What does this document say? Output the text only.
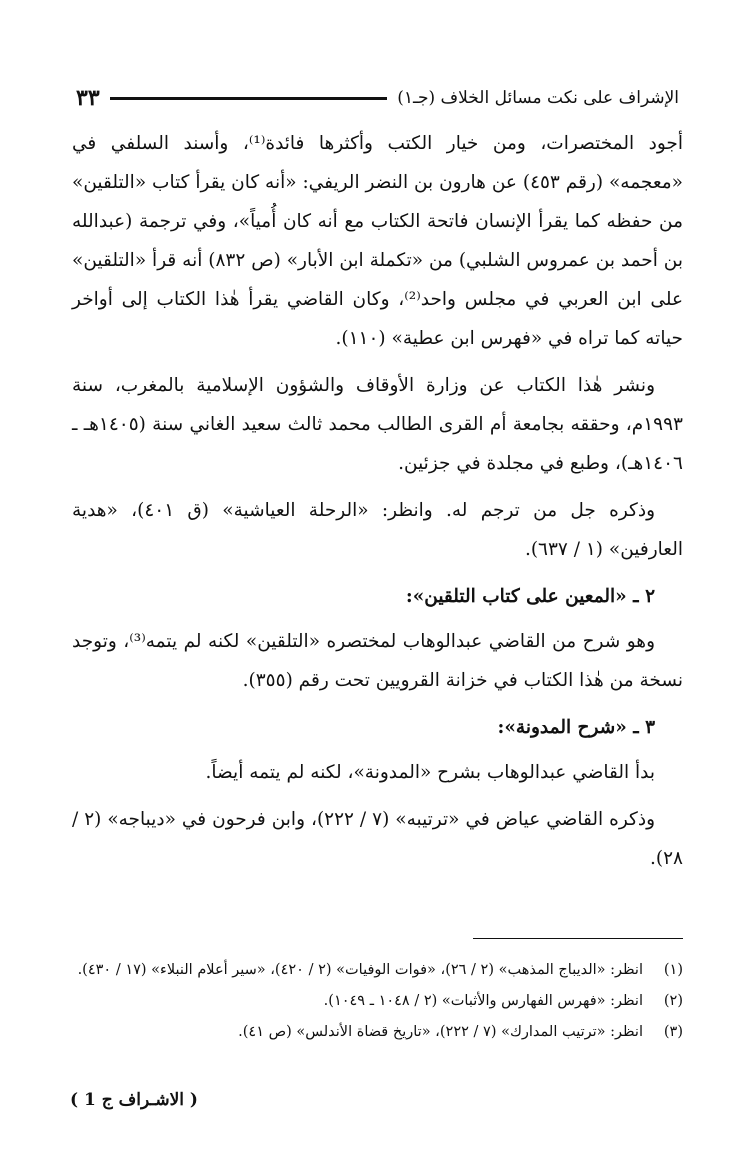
الإشراف على نكت مسائل الخلاف (جـ١)
٣٣

أجود المختصرات، ومن خيار الكتب وأكثرها فائدة⁽¹⁾، وأسند السلفي في «معجمه» (رقم ٤٥٣) عن هارون بن النضر الريفي: «أنه كان يقرأ كتاب «التلقين» من حفظه كما يقرأ الإنسان فاتحة الكتاب مع أنه كان أُمياً»، وفي ترجمة (عبدالله بن أحمد بن عمروس الشلبي) من «تكملة ابن الأبار» (ص ٨٣٢) أنه قرأ «التلقين» على ابن العربي في مجلس واحد⁽²⁾، وكان القاضي يقرأ هٰذا الكتاب إلى أواخر حياته كما تراه في «فهرس ابن عطية» (١١٠).

ونشر هٰذا الكتاب عن وزارة الأوقاف والشؤون الإسلامية بالمغرب، سنة ١٩٩٣م، وحققه بجامعة أم القرى الطالب محمد ثالث سعيد الغاني سنة (١٤٠٥هـ ـ ١٤٠٦هـ)، وطبع في مجلدة في جزئين.

وذكره جل من ترجم له. وانظر: «الرحلة العياشية» (ق ٤٠١)، «هدية العارفين» (١ / ٦٣٧).

٢ ـ «المعين على كتاب التلقين»:

وهو شرح من القاضي عبدالوهاب لمختصره «التلقين» لكنه لم يتمه⁽³⁾، وتوجد نسخة من هٰذا الكتاب في خزانة القرويين تحت رقم (٣٥٥).

٣ ـ «شرح المدونة»:

بدأ القاضي عبدالوهاب بشرح «المدونة»، لكنه لم يتمه أيضاً.

وذكره القاضي عياض في «ترتيبه» (٧ / ٢٢٢)، وابن فرحون في «ديباجه» (٢ / ٢٨).

(١)
انظر: «الديباج المذهب» (٢ / ٢٦)، «فوات الوفيات» (٢ / ٤٢٠)، «سير أعلام النبلاء» (١٧ / ٤٣٠).
(٢)
انظر: «فهرس الفهارس والأثبات» (٢ / ١٠٤٨ ـ ١٠٤٩).
(٣)
انظر: «ترتيب المدارك» (٧ / ٢٢٢)، «تاريخ قضاة الأندلس» (ص ٤١).
( الاشـراف ج 1 )
